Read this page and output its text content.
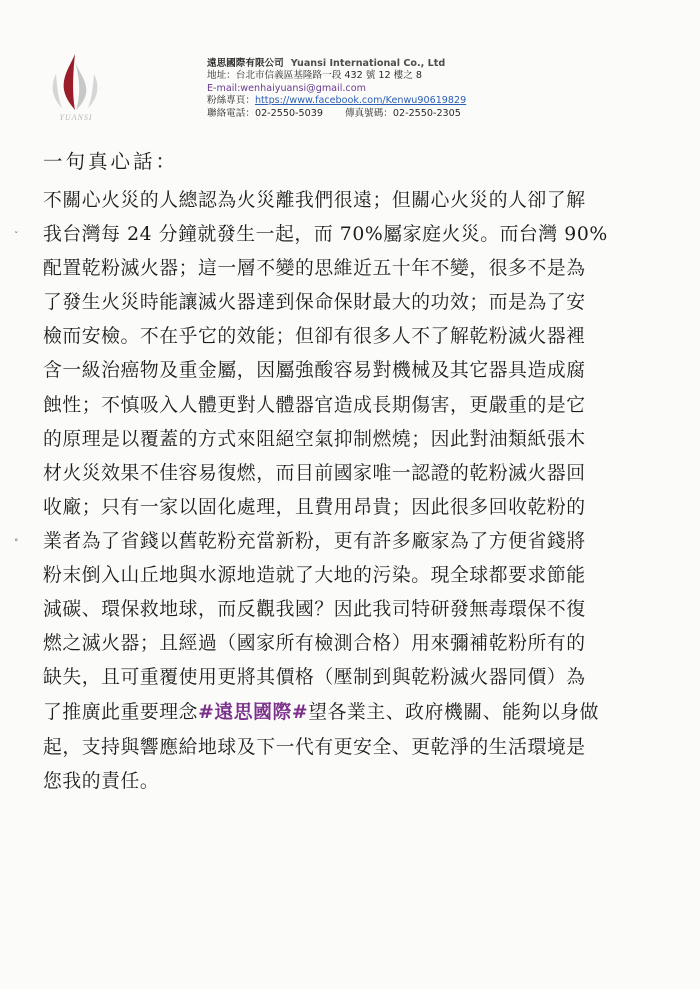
YUANSI
遠思國際有限公司 Yuansi International Co., Ltd
地址：台北市信義區基隆路一段 432 號 12 樓之 8
E-mail:wenhaiyuansi@gmail.com
粉絲專頁：https://www.facebook.com/Kenwu90619829
聯絡電話：02-2550-5039 傳真號碼：02-2550-2305
一句真心話：
ˇ
˚
不關心火災的人總認為火災離我們很遠；但關心火災的人卻了解
我台灣每 24 分鐘就發生一起，而 70%屬家庭火災。而台灣 90%
配置乾粉滅火器；這一層不變的思維近五十年不變，很多不是為
了發生火災時能讓滅火器達到保命保財最大的功效；而是為了安
檢而安檢。不在乎它的效能；但卻有很多人不了解乾粉滅火器裡
含一級治癌物及重金屬，因屬強酸容易對機械及其它器具造成腐
蝕性；不慎吸入人體更對人體器官造成長期傷害，更嚴重的是它
的原理是以覆蓋的方式來阻絕空氣抑制燃燒；因此對油類紙張木
材火災效果不佳容易復燃，而目前國家唯一認證的乾粉滅火器回
收廠；只有一家以固化處理，且費用昂貴；因此很多回收乾粉的
業者為了省錢以舊乾粉充當新粉，更有許多廠家為了方便省錢將
粉末倒入山丘地與水源地造就了大地的污染。現全球都要求節能
減碳、環保救地球，而反觀我國？因此我司特研發無毒環保不復
燃之滅火器；且經過（國家所有檢測合格）用來彌補乾粉所有的
缺失，且可重覆使用更將其價格（壓制到與乾粉滅火器同價）為
了推廣此重要理念#遠思國際#望各業主、政府機關、能夠以身做
起，支持與響應給地球及下一代有更安全、更乾淨的生活環境是
您我的責任。
